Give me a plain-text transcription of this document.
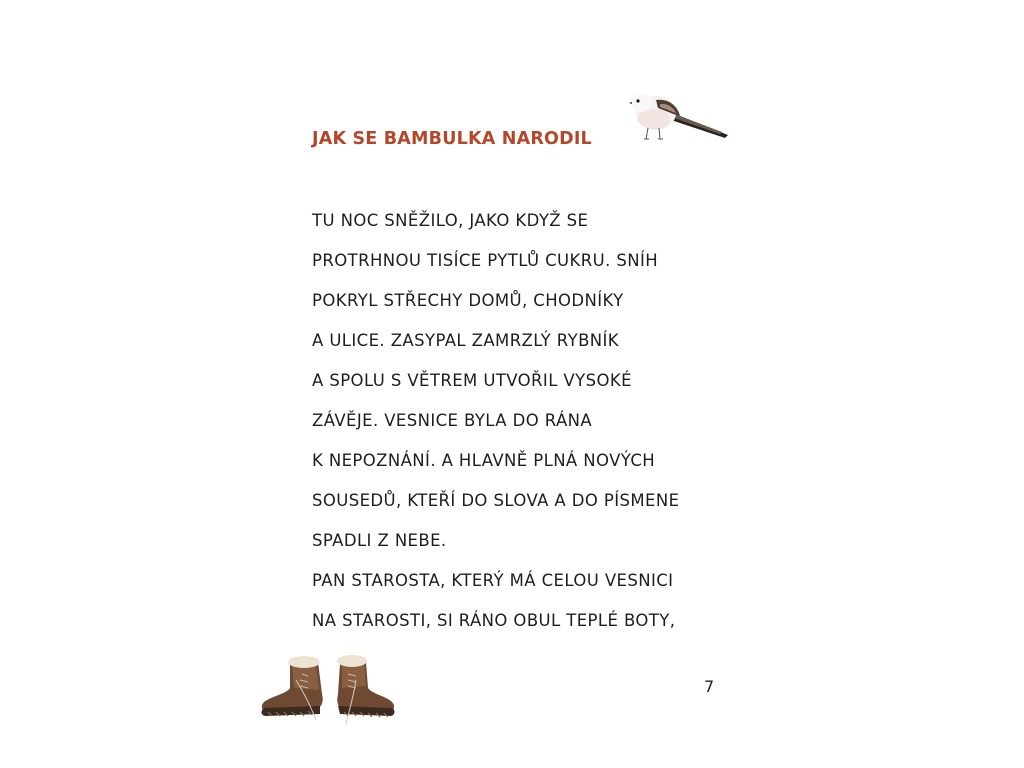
JAK SE BAMBULKA NARODIL
TU NOC SNĚŽILO, JAKO KDYŽ SE
PROTRHNOU TISÍCE PYTLŮ CUKRU. SNÍH
POKRYL STŘECHY DOMŮ, CHODNÍKY
A ULICE. ZASYPAL ZAMRZLÝ RYBNÍK
A SPOLU S VĚTREM UTVOŘIL VYSOKÉ
ZÁVĚJE. VESNICE BYLA DO RÁNA
K NEPOZNÁNÍ. A HLAVNĚ PLNÁ NOVÝCH
SOUSEDŮ, KTEŘÍ DO SLOVA A DO PÍSMENE
SPADLI Z NEBE.
PAN STAROSTA, KTERÝ MÁ CELOU VESNICI
NA STAROSTI, SI RÁNO OBUL TEPLÉ BOTY,
7
